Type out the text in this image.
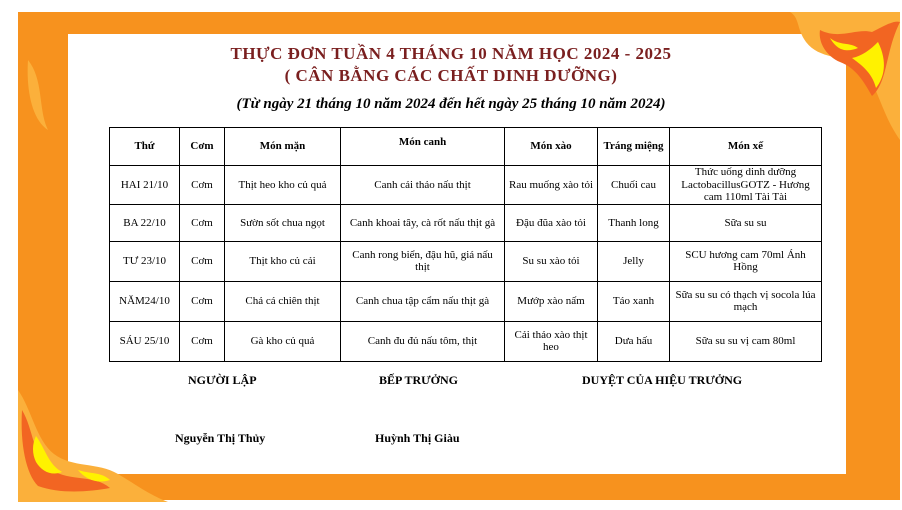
THỰC ĐƠN TUẦN 4 THÁNG 10 NĂM HỌC 2024 - 2025
( CÂN BẰNG CÁC CHẤT DINH DƯỠNG)
(Từ ngày 21 tháng 10 năm 2024 đến hết ngày 25 tháng 10 năm 2024)
Thứ	Cơm	Món mặn	Món canh	Món xào	Tráng miệng	Món xế
HAI 21/10	Cơm	Thịt heo kho củ quả	Canh cải thảo nấu thịt	Rau muống xào tỏi	Chuối cau	Thức uống dinh dưỡng LactobacillusGOTZ - Hương cam 110ml Tài Tài
BA 22/10	Cơm	Sườn sốt chua ngọt	Canh khoai tây, cà rốt nấu thịt gà	Đậu đũa xào tỏi	Thanh long	Sữa su su
TƯ 23/10	Cơm	Thịt kho củ cải	Canh rong biển, đậu hũ, giá nấu thịt	Su su xào tỏi	Jelly	SCU hương cam 70ml Ánh Hồng
NĂM24/10	Cơm	Chả cá chiên thịt	Canh chua tập cẩm nấu thịt gà	Mướp xào nấm	Táo xanh	Sữa su su có thạch vị socola lúa mạch
SÁU 25/10	Cơm	Gà kho củ quả	Canh đu đủ nấu tôm, thịt	Cải thảo xào thịt heo	Dưa hấu	Sữa su su vị cam 80ml
NGƯỜI LẬP	BẾP TRƯỞNG	DUYỆT CỦA HIỆU TRƯỞNG
Nguyễn Thị Thủy	Huỳnh Thị Giàu
